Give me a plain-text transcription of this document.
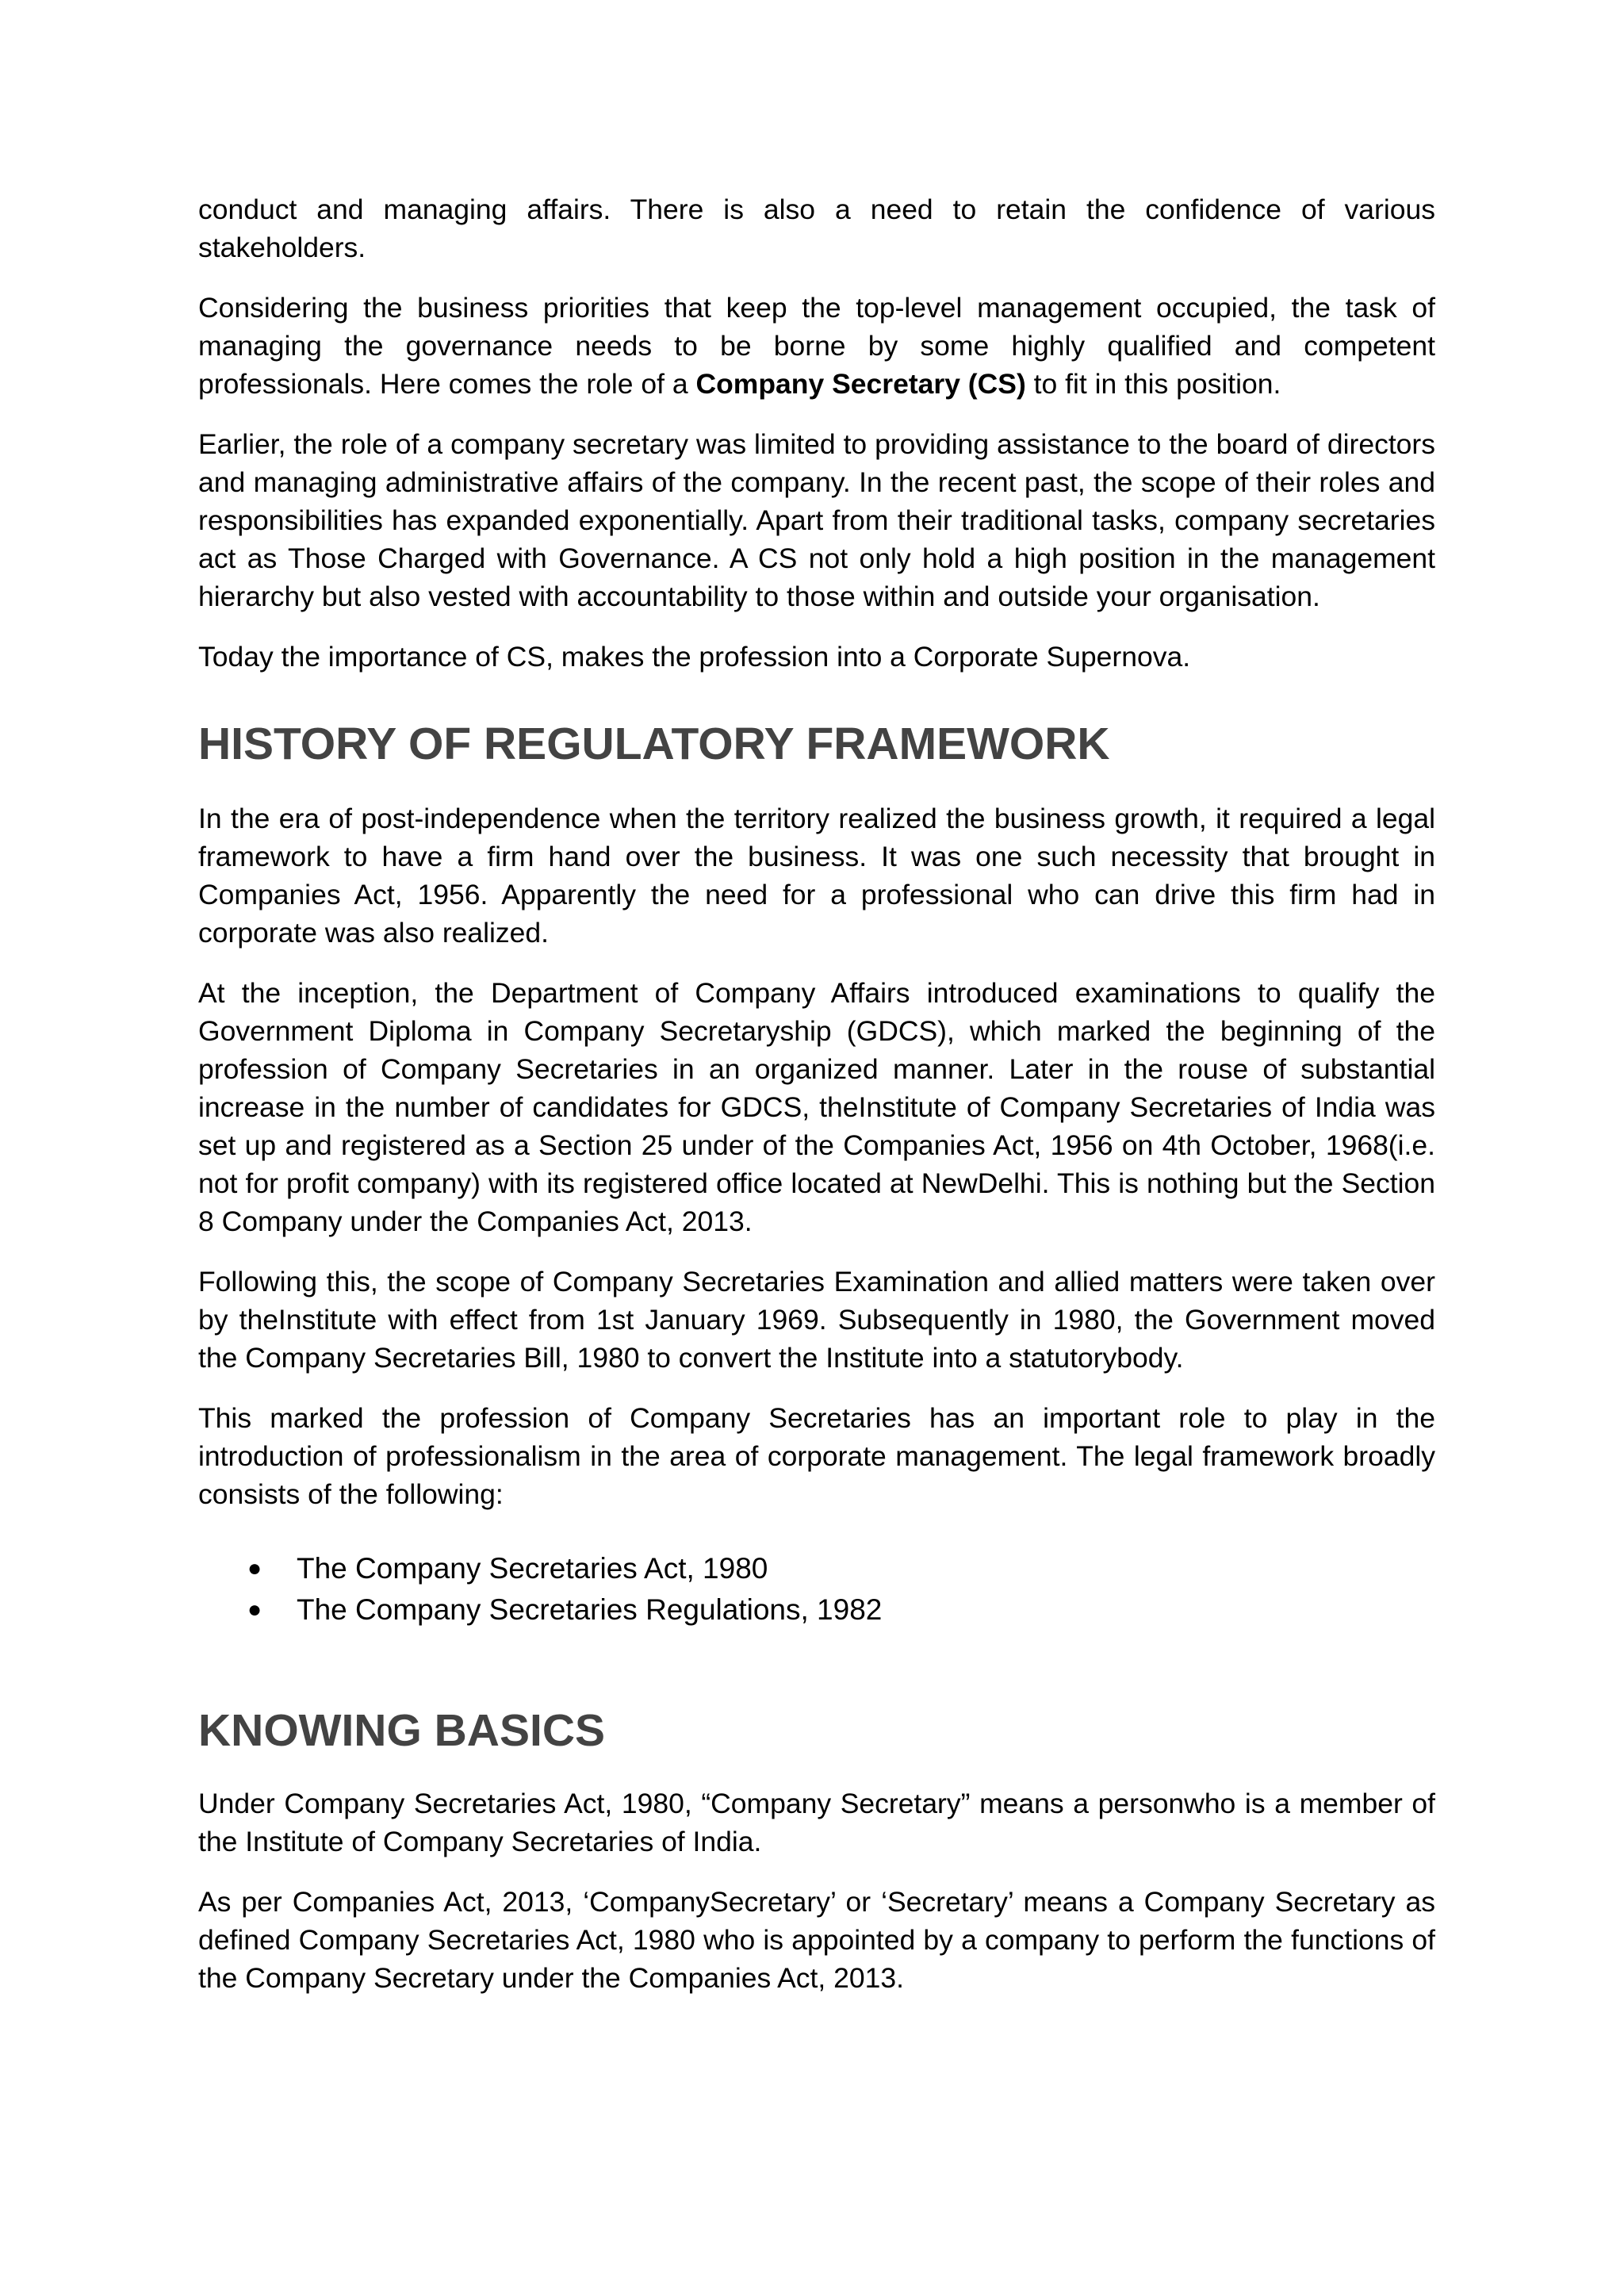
conduct and managing affairs. There is also a need to retain the confidence of various stakeholders.

Considering the business priorities that keep the top-level management occupied, the task of managing the governance needs to be borne by some highly qualified and competent professionals. Here comes the role of a Company Secretary (CS) to fit in this position.

Earlier, the role of a company secretary was limited to providing assistance to the board of directors and managing administrative affairs of the company. In the recent past, the scope of their roles and responsibilities has expanded exponentially. Apart from their traditional tasks, company secretaries act as Those Charged with Governance. A CS not only hold a high position in the management hierarchy but also vested with accountability to those within and outside your organisation.

Today the importance of CS, makes the profession into a Corporate Supernova.

HISTORY OF REGULATORY FRAMEWORK

In the era of post-independence when the territory realized the business growth, it required a legal framework to have a firm hand over the business. It was one such necessity that brought in Companies Act, 1956. Apparently the need for a professional who can drive this firm had in corporate was also realized.

At the inception, the Department of Company Affairs introduced examinations to qualify the Government Diploma in Company Secretaryship (GDCS), which marked the beginning of the profession of Company Secretaries in an organized manner. Later in the rouse of substantial increase in the number of candidates for GDCS, theInstitute of Company Secretaries of India was set up and registered as a Section 25 under of the Companies Act, 1956 on 4th October, 1968(i.e. not for profit company) with its registered office located at NewDelhi. This is nothing but the Section 8 Company under the Companies Act, 2013.

Following this, the scope of Company Secretaries Examination and allied matters were taken over by theInstitute with effect from 1st January 1969. Subsequently in 1980, the Government moved the Company Secretaries Bill, 1980 to convert the Institute into a statutorybody.

This marked the profession of Company Secretaries has an important role to play in the introduction of professionalism in the area of corporate management. The legal framework broadly consists of the following:

● The Company Secretaries Act, 1980
● The Company Secretaries Regulations, 1982
KNOWING BASICS

Under Company Secretaries Act, 1980, “Company Secretary” means a personwho is a member of the Institute of Company Secretaries of India.

As per Companies Act, 2013, ‘CompanySecretary’ or ‘Secretary’ means a Company Secretary as defined Company Secretaries Act, 1980 who is appointed by a company to perform the functions of the Company Secretary under the Companies Act, 2013.
